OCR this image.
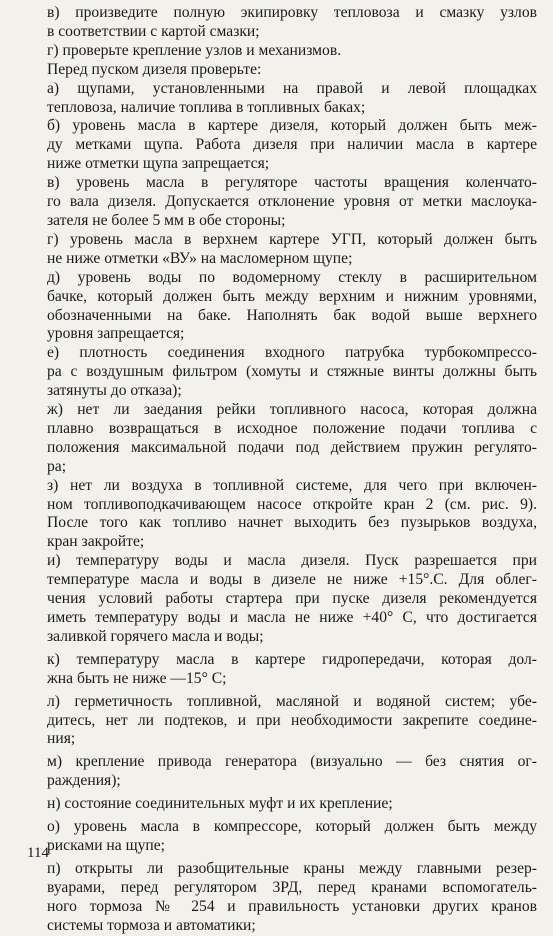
в) произведите полную экипировку тепловоза и смазку узлов
в соответствии с картой смазки;
г) проверьте крепление узлов и механизмов.
Перед пуском дизеля проверьте:
а) щупами, установленными на правой и левой площадках
тепловоза, наличие топлива в топливных баках;
б) уровень масла в картере дизеля, который должен быть меж-
ду метками щупа. Работа дизеля при наличии масла в картере
ниже отметки щупа запрещается;
в) уровень масла в регуляторе частоты вращения коленчато-
го вала дизеля. Допускается отклонение уровня от метки маслоука-
зателя не более 5 мм в обе стороны;
г) уровень масла в верхнем картере УГП, который должен быть
не ниже отметки «ВУ» на масломерном щупе;
д) уровень воды по водомерному стеклу в расширительном
бачке, который должен быть между верхним и нижним уровнями,
обозначенными на баке. Наполнять бак водой выше верхнего
уровня запрещается;
е) плотность соединения входного патрубка турбокомпрессо-
ра с воздушным фильтром (хомуты и стяжные винты должны быть
затянуты до отказа);
ж) нет ли заедания рейки топливного насоса, которая должна
плавно возвращаться в исходное положение подачи топлива с
положения максимальной подачи под действием пружин регулято-
ра;
з) нет ли воздуха в топливной системе, для чего при включен-
ном топливоподкачивающем насосе откройте кран 2 (см. рис. 9).
После того как топливо начнет выходить без пузырьков воздуха,
кран закройте;
и) температуру воды и масла дизеля. Пуск разрешается при
температуре масла и воды в дизеле не ниже +15°.С. Для облег-
чения условий работы стартера при пуске дизеля рекомендуется
иметь температуру воды и масла не ниже +40° С, что достигается
заливкой горячего масла и воды;
к) температуру масла в картере гидропередачи, которая дол-
жна быть не ниже —15° С;
л) герметичность топливной, масляной и водяной систем; убе-
дитесь, нет ли подтеков, и при необходимости закрепите соедине-
ния;
м) крепление привода генератора (визуально — без снятия ог-
раждения);
н) состояние соединительных муфт и их крепление;
о) уровень масла в компрессоре, который должен быть между
рисками на щупе;
п) открыты ли разобщительные краны между главными резер-
вуарами, перед регулятором 3РД, перед кранами вспомогатель-
ного тормоза № 254 и правильность установки других кранов
системы тормоза и автоматики;
114
